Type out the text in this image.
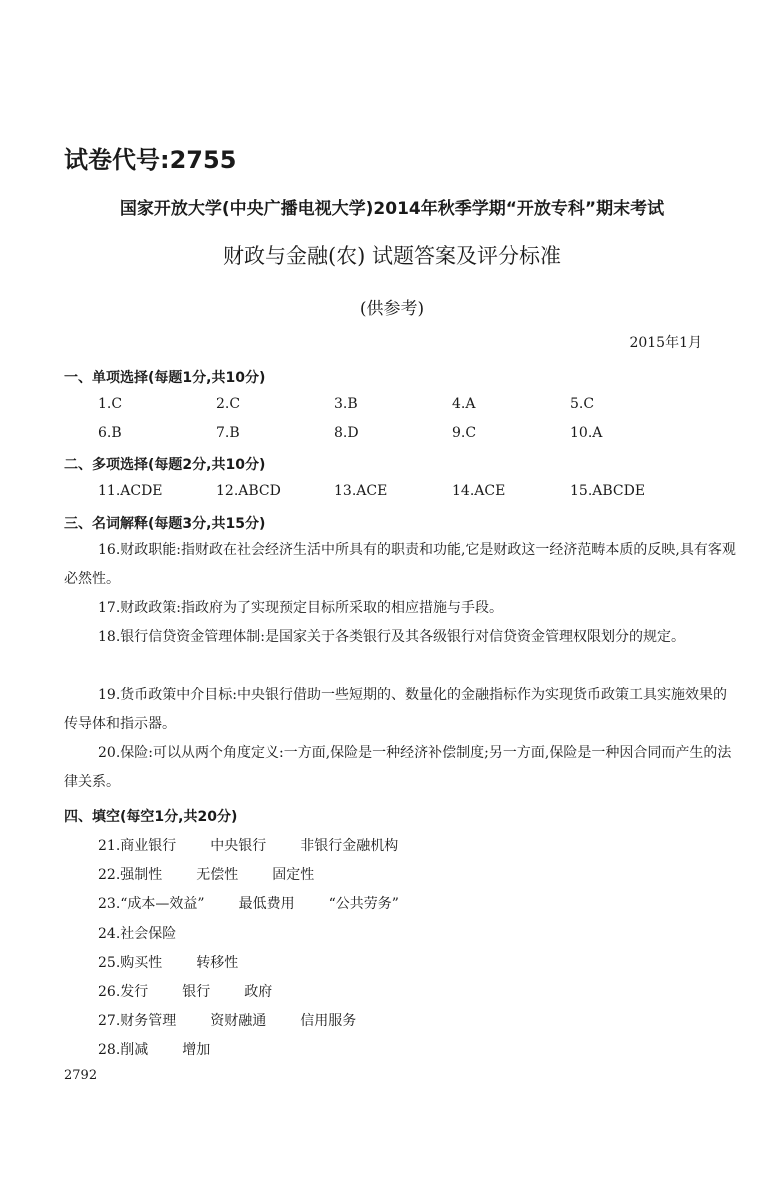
试卷代号:2755
国家开放大学(中央广播电视大学)2014年秋季学期“开放专科”期末考试
财政与金融(农) 试题答案及评分标准
(供参考)
2015年1月
一、单项选择(每题1分,共10分)
1.C	2.C	3.B	4.A	5.C
6.B	7.B	8.D	9.C	10.A
二、多项选择(每题2分,共10分)
11.ACDE	12.ABCD	13.ACE	14.ACE	15.ABCDE
三、名词解释(每题3分,共15分)
16.财政职能:指财政在社会经济生活中所具有的职责和功能,它是财政这一经济范畴本质的反映,具有客观必然性。
17.财政政策:指政府为了实现预定目标所采取的相应措施与手段。
18.银行信贷资金管理体制:是国家关于各类银行及其各级银行对信贷资金管理权限划分的规定。
19.货币政策中介目标:中央银行借助一些短期的、数量化的金融指标作为实现货币政策工具实施效果的传导体和指示器。
20.保险:可以从两个角度定义:一方面,保险是一种经济补偿制度;另一方面,保险是一种因合同而产生的法律关系。
四、填空(每空1分,共20分)
21.商业银行 中央银行 非银行金融机构
22.强制性 无偿性 固定性
23.“成本—效益” 最低费用 “公共劳务”
24.社会保险
25.购买性 转移性
26.发行 银行 政府
27.财务管理 资财融通 信用服务
28.削减 增加
2792
